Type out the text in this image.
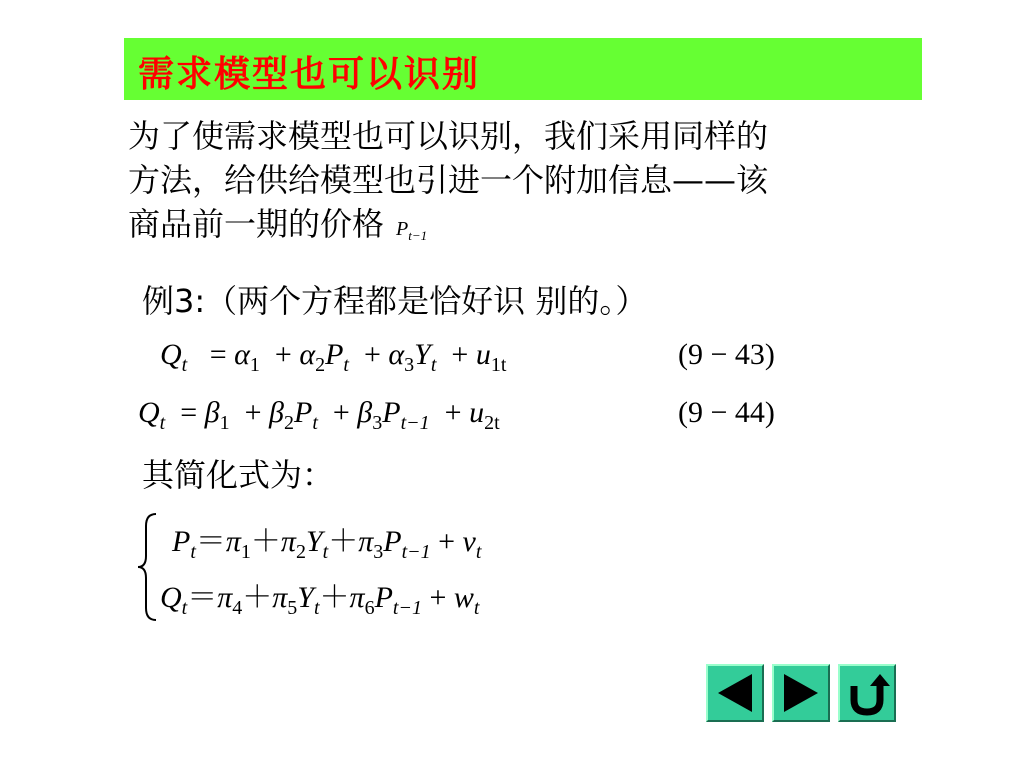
需求模型也可以识别
为了使需求模型也可以识别，我们采用同样的
方法，给供给模型也引进一个附加信息——该
商品前一期的价格 $P_{t-1}$
例3:（两个方程都是恰好识 别的。）
$Q_t = \alpha_1 + \alpha_2P_t + \alpha_3Y_t + u_{1t}$	(9 − 43)
$Q_t = \beta_1 + \beta_2P_t + \beta_3P_{t-1} + u_{2t}$	(9 − 44)
其简化式为：
$P_t=\pi_1+\pi_2Y_t+\pi_3P_{t-1} + v_t$
$Q_t=\pi_4+\pi_5Y_t+\pi_6P_{t-1} + w_t$
